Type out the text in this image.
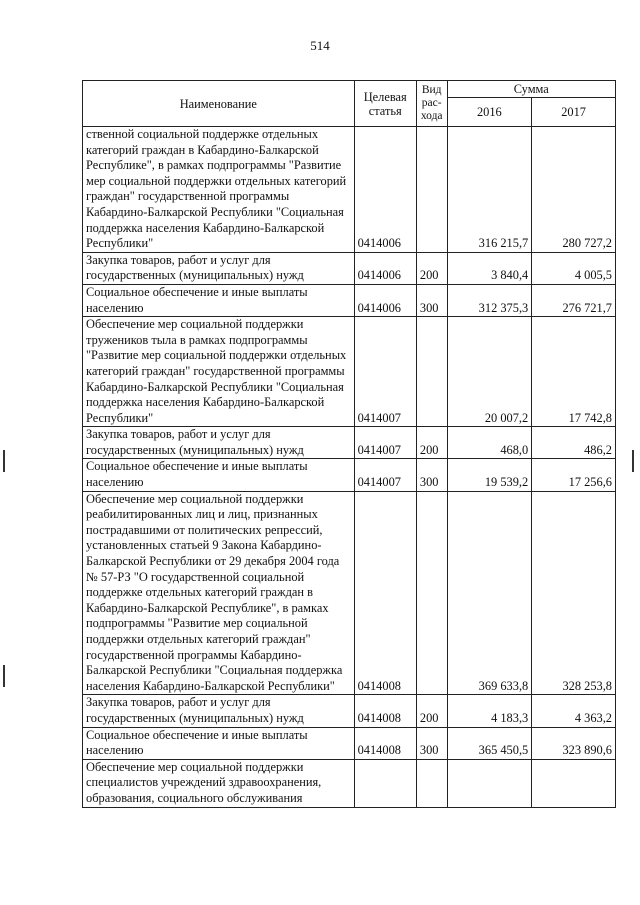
514
Наименование	Целевая статья	Вид рас-хода	Сумма	
			2016	2017
ственной социальной поддержке отдельных категорий граждан в Кабардино-Балкарской Республике", в рамках подпрограммы "Развитие мер социальной поддержки отдельных категорий граждан" государственной программы Кабардино-Балкарской Республики "Социальная поддержка населения Кабардино-Балкарской Республики"	0414006		316 215,7	280 727,2
Закупка товаров, работ и услуг для государственных (муниципальных) нужд	0414006	200	3 840,4	4 005,5
Социальное обеспечение и иные выплаты населению	0414006	300	312 375,3	276 721,7
Обеспечение мер социальной поддержки тружеников тыла в рамках подпрограммы "Развитие мер социальной поддержки отдельных категорий граждан" государственной программы Кабардино-Балкарской Республики "Социальная поддержка населения Кабардино-Балкарской Республики"	0414007		20 007,2	17 742,8
Закупка товаров, работ и услуг для государственных (муниципальных) нужд	0414007	200	468,0	486,2
Социальное обеспечение и иные выплаты населению	0414007	300	19 539,2	17 256,6
Обеспечение мер социальной поддержки реабилитированных лиц и лиц, признанных пострадавшими от политических репрессий, установленных статьей 9 Закона Кабардино-Балкарской Республики от 29 декабря 2004 года № 57-РЗ "О государственной социальной поддержке отдельных категорий граждан в Кабардино-Балкарской Республике", в рамках подпрограммы "Развитие мер социальной поддержки отдельных категорий граждан" государственной программы Кабардино-Балкарской Республики "Социальная поддержка населения Кабардино-Балкарской Республики"	0414008		369 633,8	328 253,8
Закупка товаров, работ и услуг для государственных (муниципальных) нужд	0414008	200	4 183,3	4 363,2
Социальное обеспечение и иные выплаты населению	0414008	300	365 450,5	323 890,6
Обеспечение мер социальной поддержки специалистов учреждений здравоохранения, образования, социального обслуживания				
